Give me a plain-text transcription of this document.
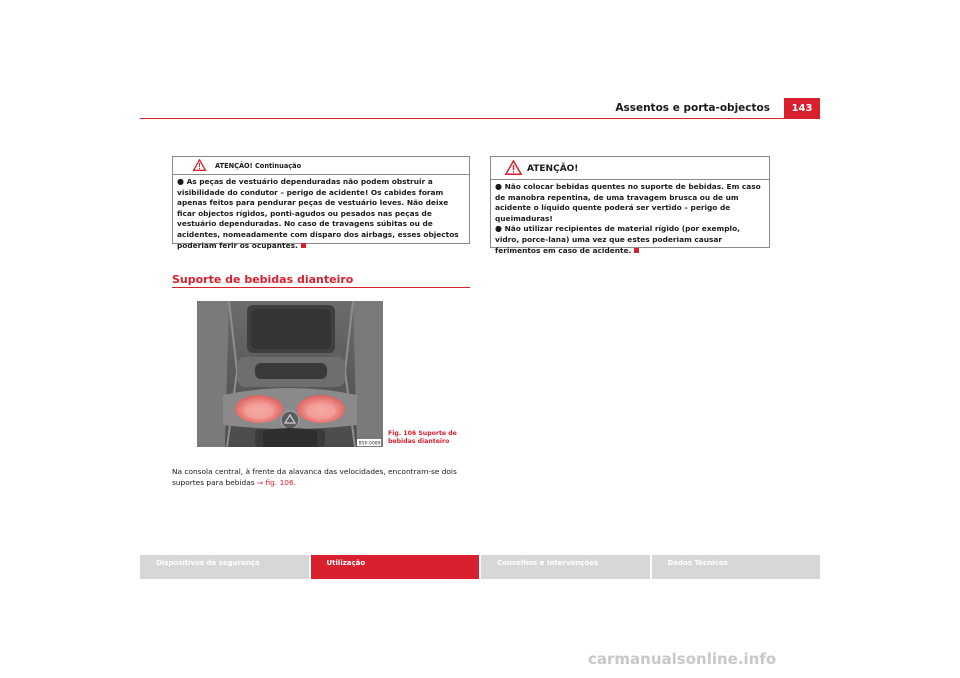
Assentos e porta-objectos	143
ATENÇÃO! Continuação

● As peças de vestuário dependuradas não podem obstruir a visibilidade do condutor – perigo de acidente! Os cabides foram apenas feitos para pendurar peças de vestuário leves. Não deixe ficar objectos rígidos, ponti-agudos ou pesados nas peças de vestuário dependuradas. No caso de travagens súbitas ou de acidentes, nomeadamente com disparo dos airbags, esses objectos poderiam ferir os ocupantes.

ATENÇÃO!

● Não colocar bebidas quentes no suporte de bebidas. Em caso de manobra repentina, de uma travagem brusca ou de um acidente o líquido quente poderá ser vertido – perigo de queimaduras!

● Não utilizar recipientes de material rígido (por exemplo, vidro, porce-lana) uma vez que estes poderiam causar ferimentos em caso de acidente.

Suporte de bebidas dianteiro
B5P-0089
Fig. 106 Suporte de
bebidas dianteiro
Na consola central, à frente da alavanca das velocidades, encontram-se dois suportes para bebidas ⇒ fig. 106.
Dispositivos de segurança	Utilização	Conselhos e Intervenções	Dados Técnicos
carmanualsonline.info
